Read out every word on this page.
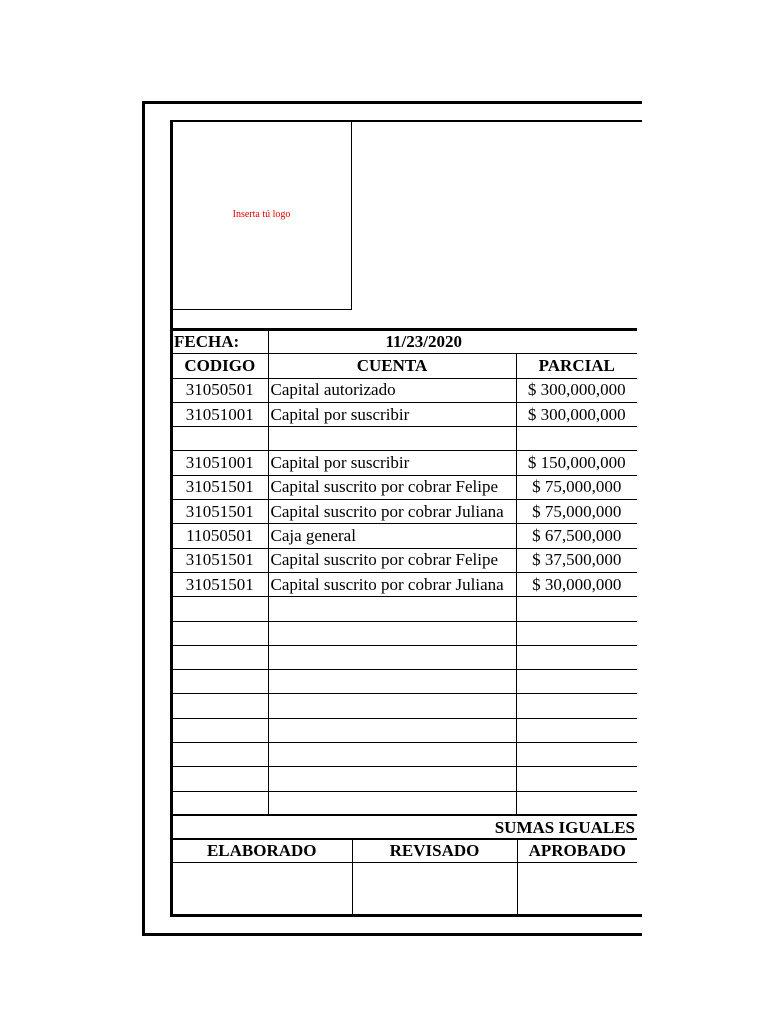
Inserta tú logo
FECHA:	11/23/2020	
CODIGO	CUENTA	PARCIAL
31050501	Capital autorizado	$ 300,000,000
31051001	Capital por suscribir	$ 300,000,000

31051001	Capital por suscribir	$ 150,000,000
31051501	Capital suscrito por cobrar Felipe	$ 75,000,000
31051501	Capital suscrito por cobrar Juliana	$ 75,000,000
11050501	Caja general	$ 67,500,000
31051501	Capital suscrito por cobrar Felipe	$ 37,500,000
31051501	Capital suscrito por cobrar Juliana	$ 30,000,000

SUMAS IGUALES		
ELABORADO	REVISADO	APROBADO
